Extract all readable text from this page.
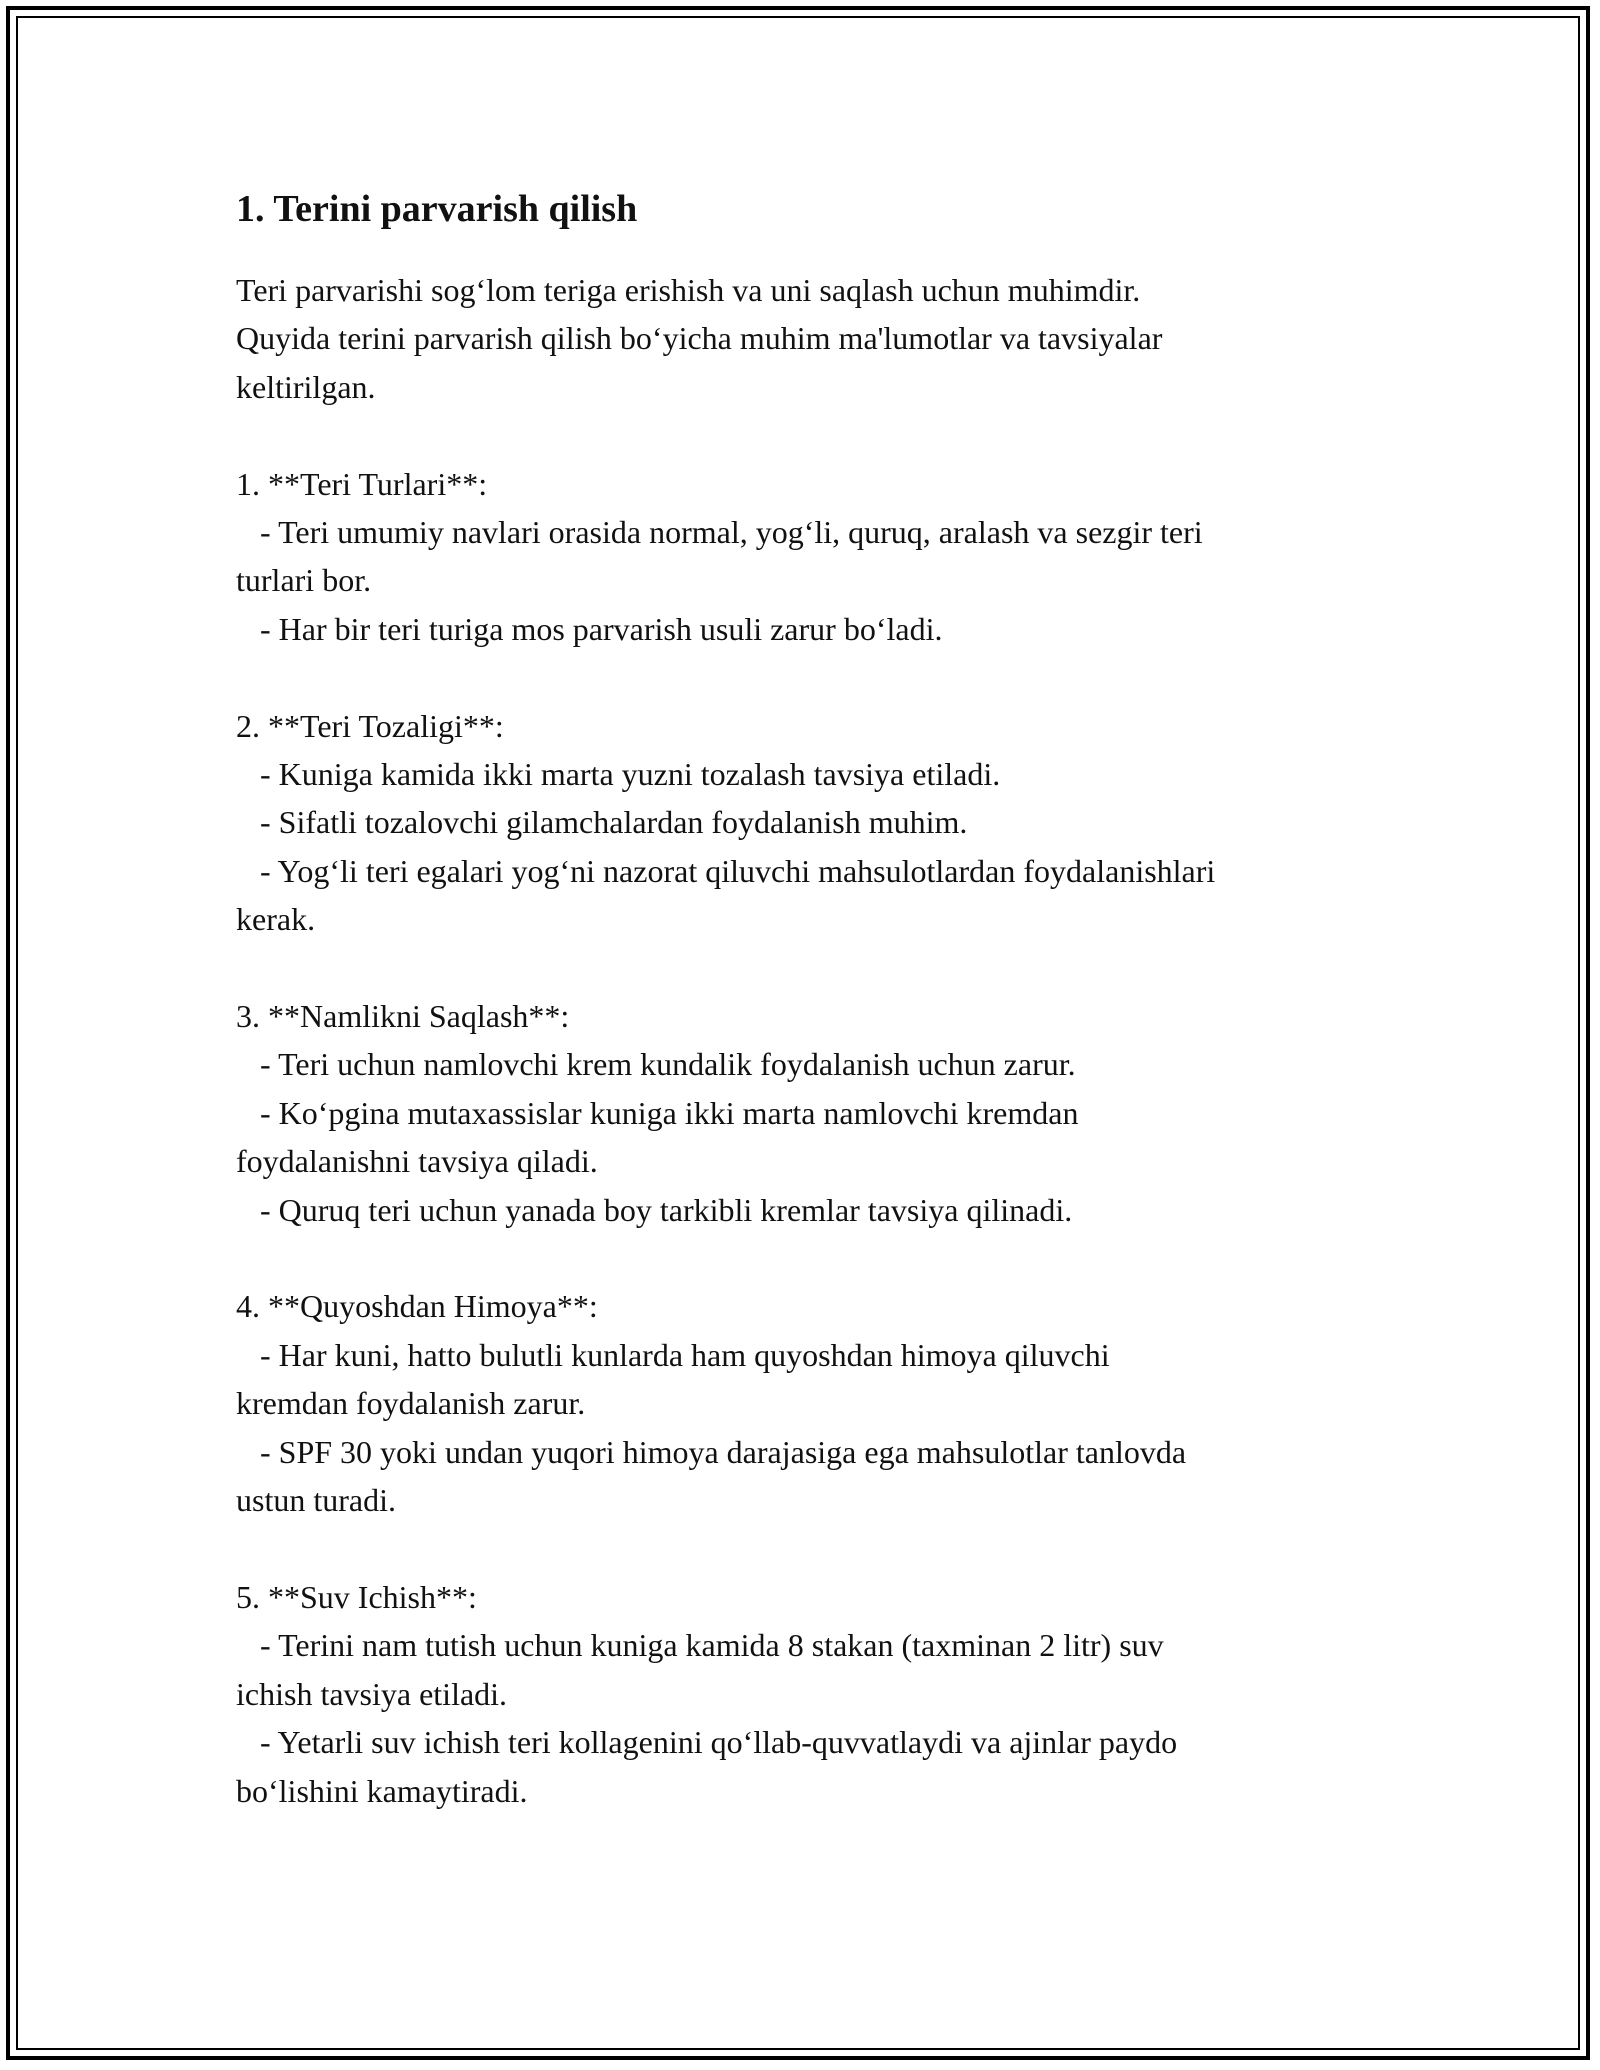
1. Terini parvarish qilish
Teri parvarishi sog‘lom teriga erishish va uni saqlash uchun muhimdir.
Quyida terini parvarish qilish bo‘yicha muhim ma'lumotlar va tavsiyalar
keltirilgan.
1. **Teri Turlari**:
- Teri umumiy navlari orasida normal, yog‘li, quruq, aralash va sezgir teri
turlari bor.
- Har bir teri turiga mos parvarish usuli zarur bo‘ladi.
2. **Teri Tozaligi**:
- Kuniga kamida ikki marta yuzni tozalash tavsiya etiladi.
- Sifatli tozalovchi gilamchalardan foydalanish muhim.
- Yog‘li teri egalari yog‘ni nazorat qiluvchi mahsulotlardan foydalanishlari
kerak.
3. **Namlikni Saqlash**:
- Teri uchun namlovchi krem kundalik foydalanish uchun zarur.
- Ko‘pgina mutaxassislar kuniga ikki marta namlovchi kremdan
foydalanishni tavsiya qiladi.
- Quruq teri uchun yanada boy tarkibli kremlar tavsiya qilinadi.
4. **Quyoshdan Himoya**:
- Har kuni, hatto bulutli kunlarda ham quyoshdan himoya qiluvchi
kremdan foydalanish zarur.
- SPF 30 yoki undan yuqori himoya darajasiga ega mahsulotlar tanlovda
ustun turadi.
5. **Suv Ichish**:
- Terini nam tutish uchun kuniga kamida 8 stakan (taxminan 2 litr) suv
ichish tavsiya etiladi.
- Yetarli suv ichish teri kollagenini qo‘llab-quvvatlaydi va ajinlar paydo
bo‘lishini kamaytiradi.
